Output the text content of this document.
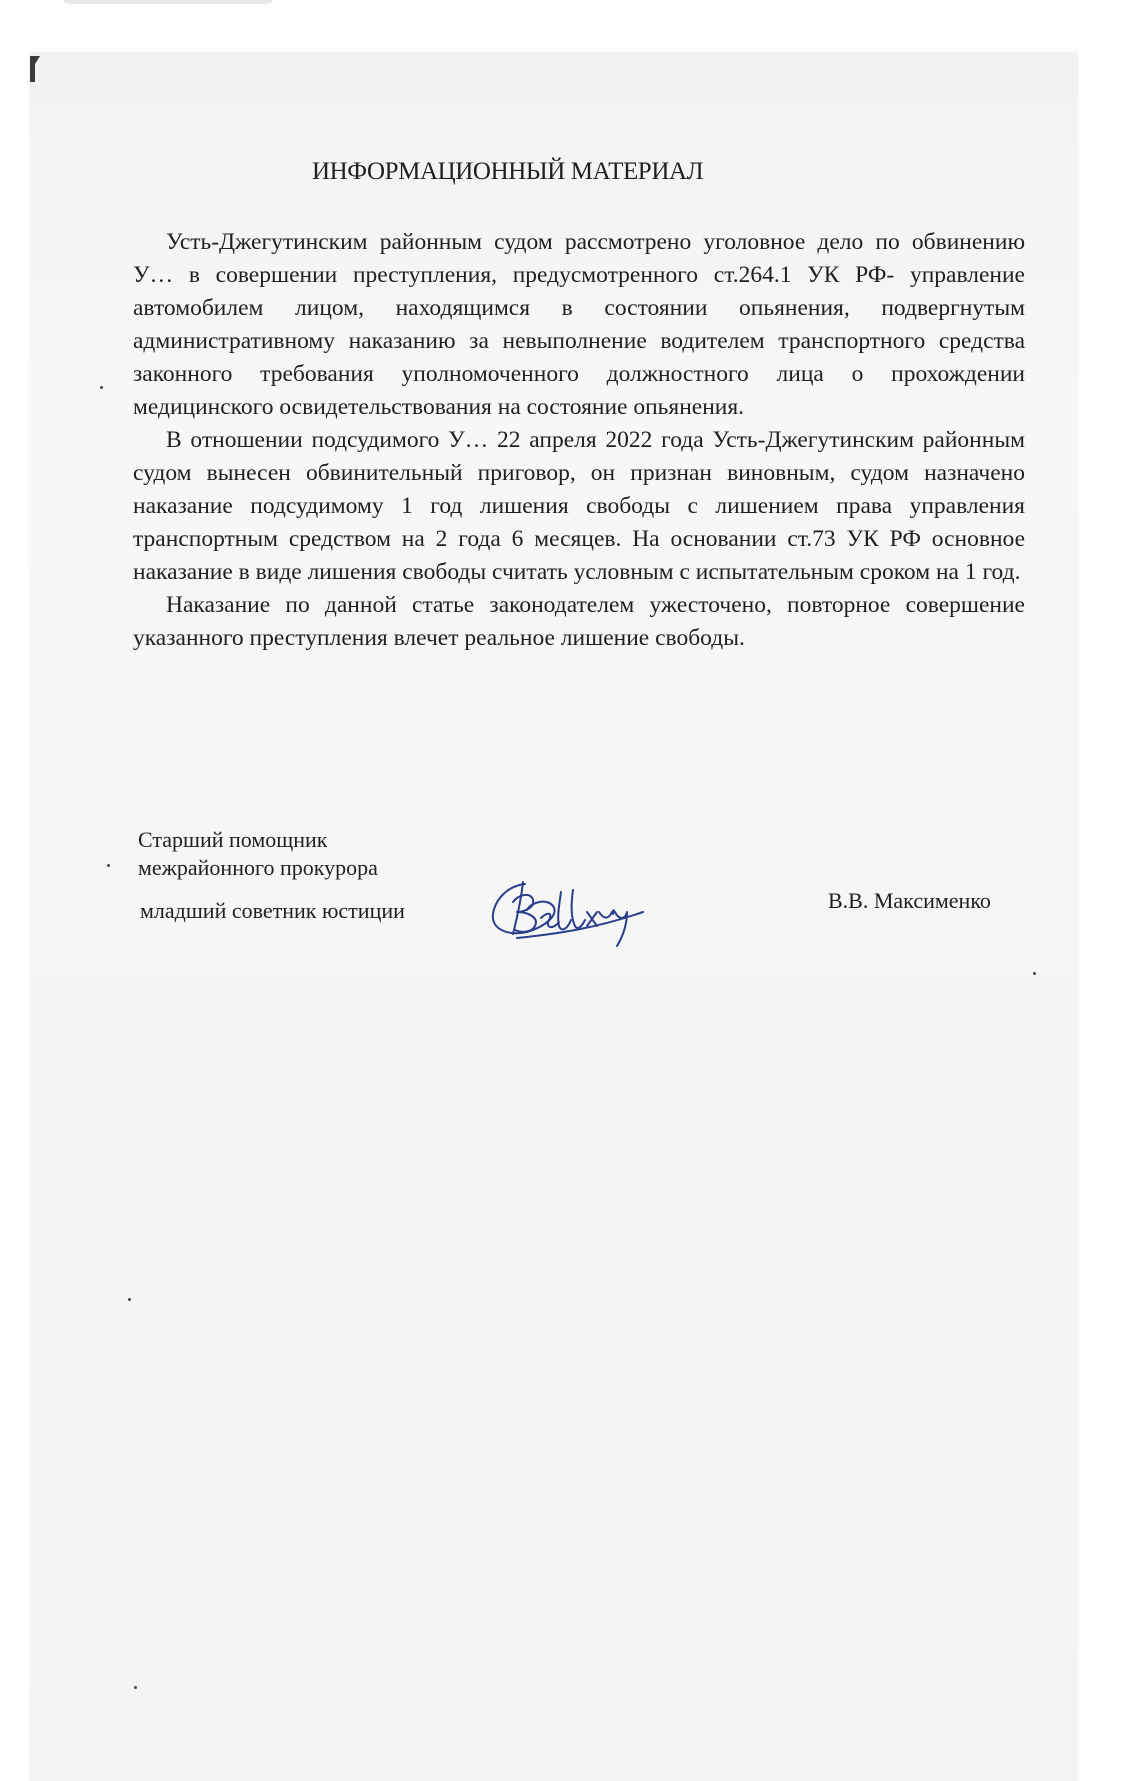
ИНФОРМАЦИОННЫЙ МАТЕРИАЛ

Усть-Джегутинским районным судом рассмотрено уголовное дело по обвинению У… в совершении преступления, предусмотренного ст.264.1 УК РФ- управление автомобилем лицом, находящимся в состоянии опьянения, подвергнутым административному наказанию за невыполнение водителем транспортного средства законного требования уполномоченного должностного лица о прохождении медицинского освидетельствования на состояние опьянения.

В отношении подсудимого У… 22 апреля 2022 года Усть-Джегутинским районным судом вынесен обвинительный приговор, он признан виновным, судом назначено наказание подсудимому 1 год лишения свободы с лишением права управления транспортным средством на 2 года 6 месяцев. На основании ст.73 УК РФ основное наказание в виде лишения свободы считать условным с испытательным сроком на 1 год.

Наказание по данной статье законодателем ужесточено, повторное совершение указанного преступления влечет реальное лишение свободы.

Старший помощник
межрайонного прокурора
младший советник юстиции	В.В. Максименко
